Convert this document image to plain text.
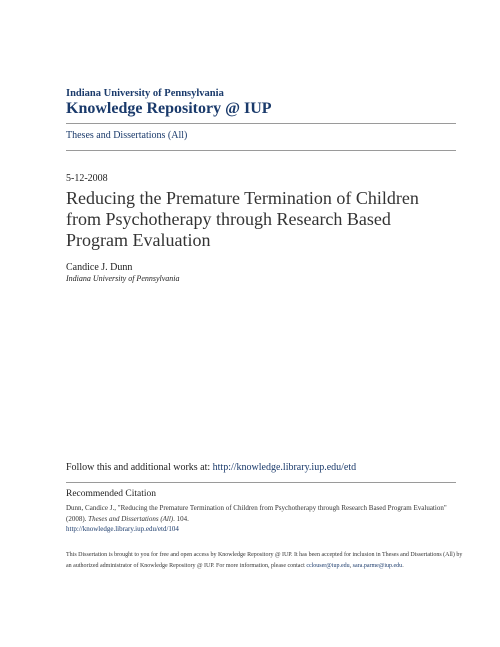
Indiana University of Pennsylvania
Knowledge Repository @ IUP
Theses and Dissertations (All)
5-12-2008
Reducing the Premature Termination of Children from Psychotherapy through Research Based Program Evaluation
Candice J. Dunn
Indiana University of Pennsylvania
Follow this and additional works at: http://knowledge.library.iup.edu/etd
Recommended Citation
Dunn, Candice J., "Reducing the Premature Termination of Children from Psychotherapy through Research Based Program Evaluation" (2008). Theses and Dissertations (All). 104.
http://knowledge.library.iup.edu/etd/104
This Dissertation is brought to you for free and open access by Knowledge Repository @ IUP. It has been accepted for inclusion in Theses and Dissertations (All) by an authorized administrator of Knowledge Repository @ IUP. For more information, please contact cclouser@iup.edu, sara.parme@iup.edu.
